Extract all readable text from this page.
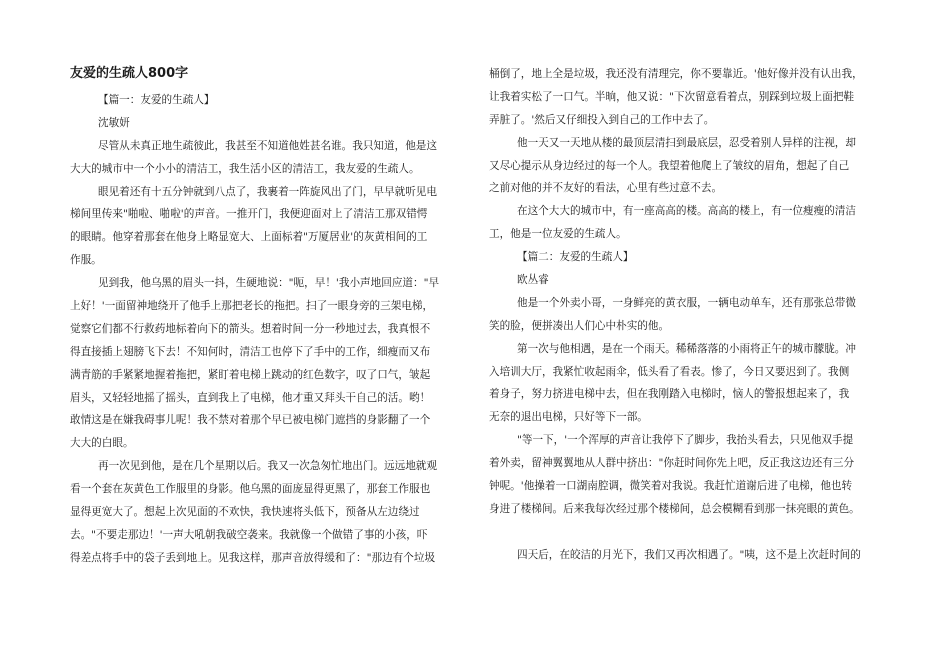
友爱的生疏人800字
【篇一：友爱的生疏人】
沈敏妍
尽管从未真正地生疏彼此，我甚至不知道他姓甚名谁。我只知道，他是这
大大的城市中一个小小的清洁工，我生活小区的清洁工，我友爱的生疏人。
眼见着还有十五分钟就到八点了，我裹着一阵旋风出了门，早早就听见电
梯间里传来"啪啦、啪啦'的声音。一推开门，我便迎面对上了清洁工那双错愕
的眼睛。他穿着那套在他身上略显宽大、上面标着"万厦居业'的灰黄相间的工
作服。
见到我，他乌黑的眉头一抖，生硬地说："呃，早！'我小声地回应道："早
上好！'一面留神地绕开了他手上那把老长的拖把。扫了一眼身旁的三架电梯，
觉察它们都不行救药地标着向下的箭头。想着时间一分一秒地过去，我真恨不
得直接插上翅膀飞下去！不知何时，清洁工也停下了手中的工作，细瘦而又布
满青筋的手紧紧地握着拖把，紧盯着电梯上跳动的红色数字，叹了口气，皱起
眉头，又轻轻地摇了摇头，直到我上了电梯，他才重又拜头干自己的活。哟！
敢情这是在嫌我碍事儿呢！我不禁对着那个早已被电梯门遮挡的身影翻了一个
大大的白眼。
再一次见到他，是在几个星期以后。我又一次急匆忙地出门。远远地就观
看一个套在灰黄色工作服里的身影。他乌黑的面庞显得更黑了，那套工作服也
显得更宽大了。想起上次见面的不欢快，我快速将头低下，预备从左边绕过
去。"不要走那边！'一声大吼朝我破空袭来。我就像一个做错了事的小孩，吓
得差点将手中的袋子丢到地上。见我这样，那声音放得缓和了："那边有个垃圾
桶倒了，地上全是垃圾，我还没有清理完，你不要靠近。'他好像并没有认出我，
让我着实松了一口气。半晌，他又说："下次留意看着点，别踩到垃圾上面把鞋
弄脏了。'然后又仔细投入到自己的工作中去了。
他一天又一天地从楼的最顶层清扫到最底层，忍受着别人异样的注视，却
又尽心提示从身边经过的每一个人。我望着他爬上了皱纹的眉角，想起了自己
之前对他的并不友好的看法，心里有些过意不去。
在这个大大的城市中，有一座高高的楼。高高的楼上，有一位瘦瘦的清洁
工，他是一位友爱的生疏人。
【篇二：友爱的生疏人】
欧丛睿
他是一个外卖小哥，一身鲜亮的黄衣服，一辆电动单车，还有那张总带微
笑的脸，便拼凑出人们心中朴实的他。
第一次与他相遇，是在一个雨天。稀稀落落的小雨将正午的城市朦胧。冲
入培训大厅，我紧忙收起雨伞，低头看了看表。惨了，今日又要迟到了。我侧
着身子，努力挤进电梯中去，但在我刚踏入电梯时，恼人的警报想起来了，我
无奈的退出电梯，只好等下一部。
"等一下，'一个浑厚的声音让我停下了脚步，我抬头看去，只见他双手提
着外卖，留神翼翼地从人群中挤出："你赶时间你先上吧，反正我这边还有三分
钟呢。'他操着一口湖南腔调，微笑着对我说。我赶忙道谢后进了电梯，他也转
身进了楼梯间。后来我每次经过那个楼梯间，总会模糊看到那一抹亮眼的黄色。
四天后，在皎洁的月光下，我们又再次相遇了。"咦，这不是上次赶时间的
